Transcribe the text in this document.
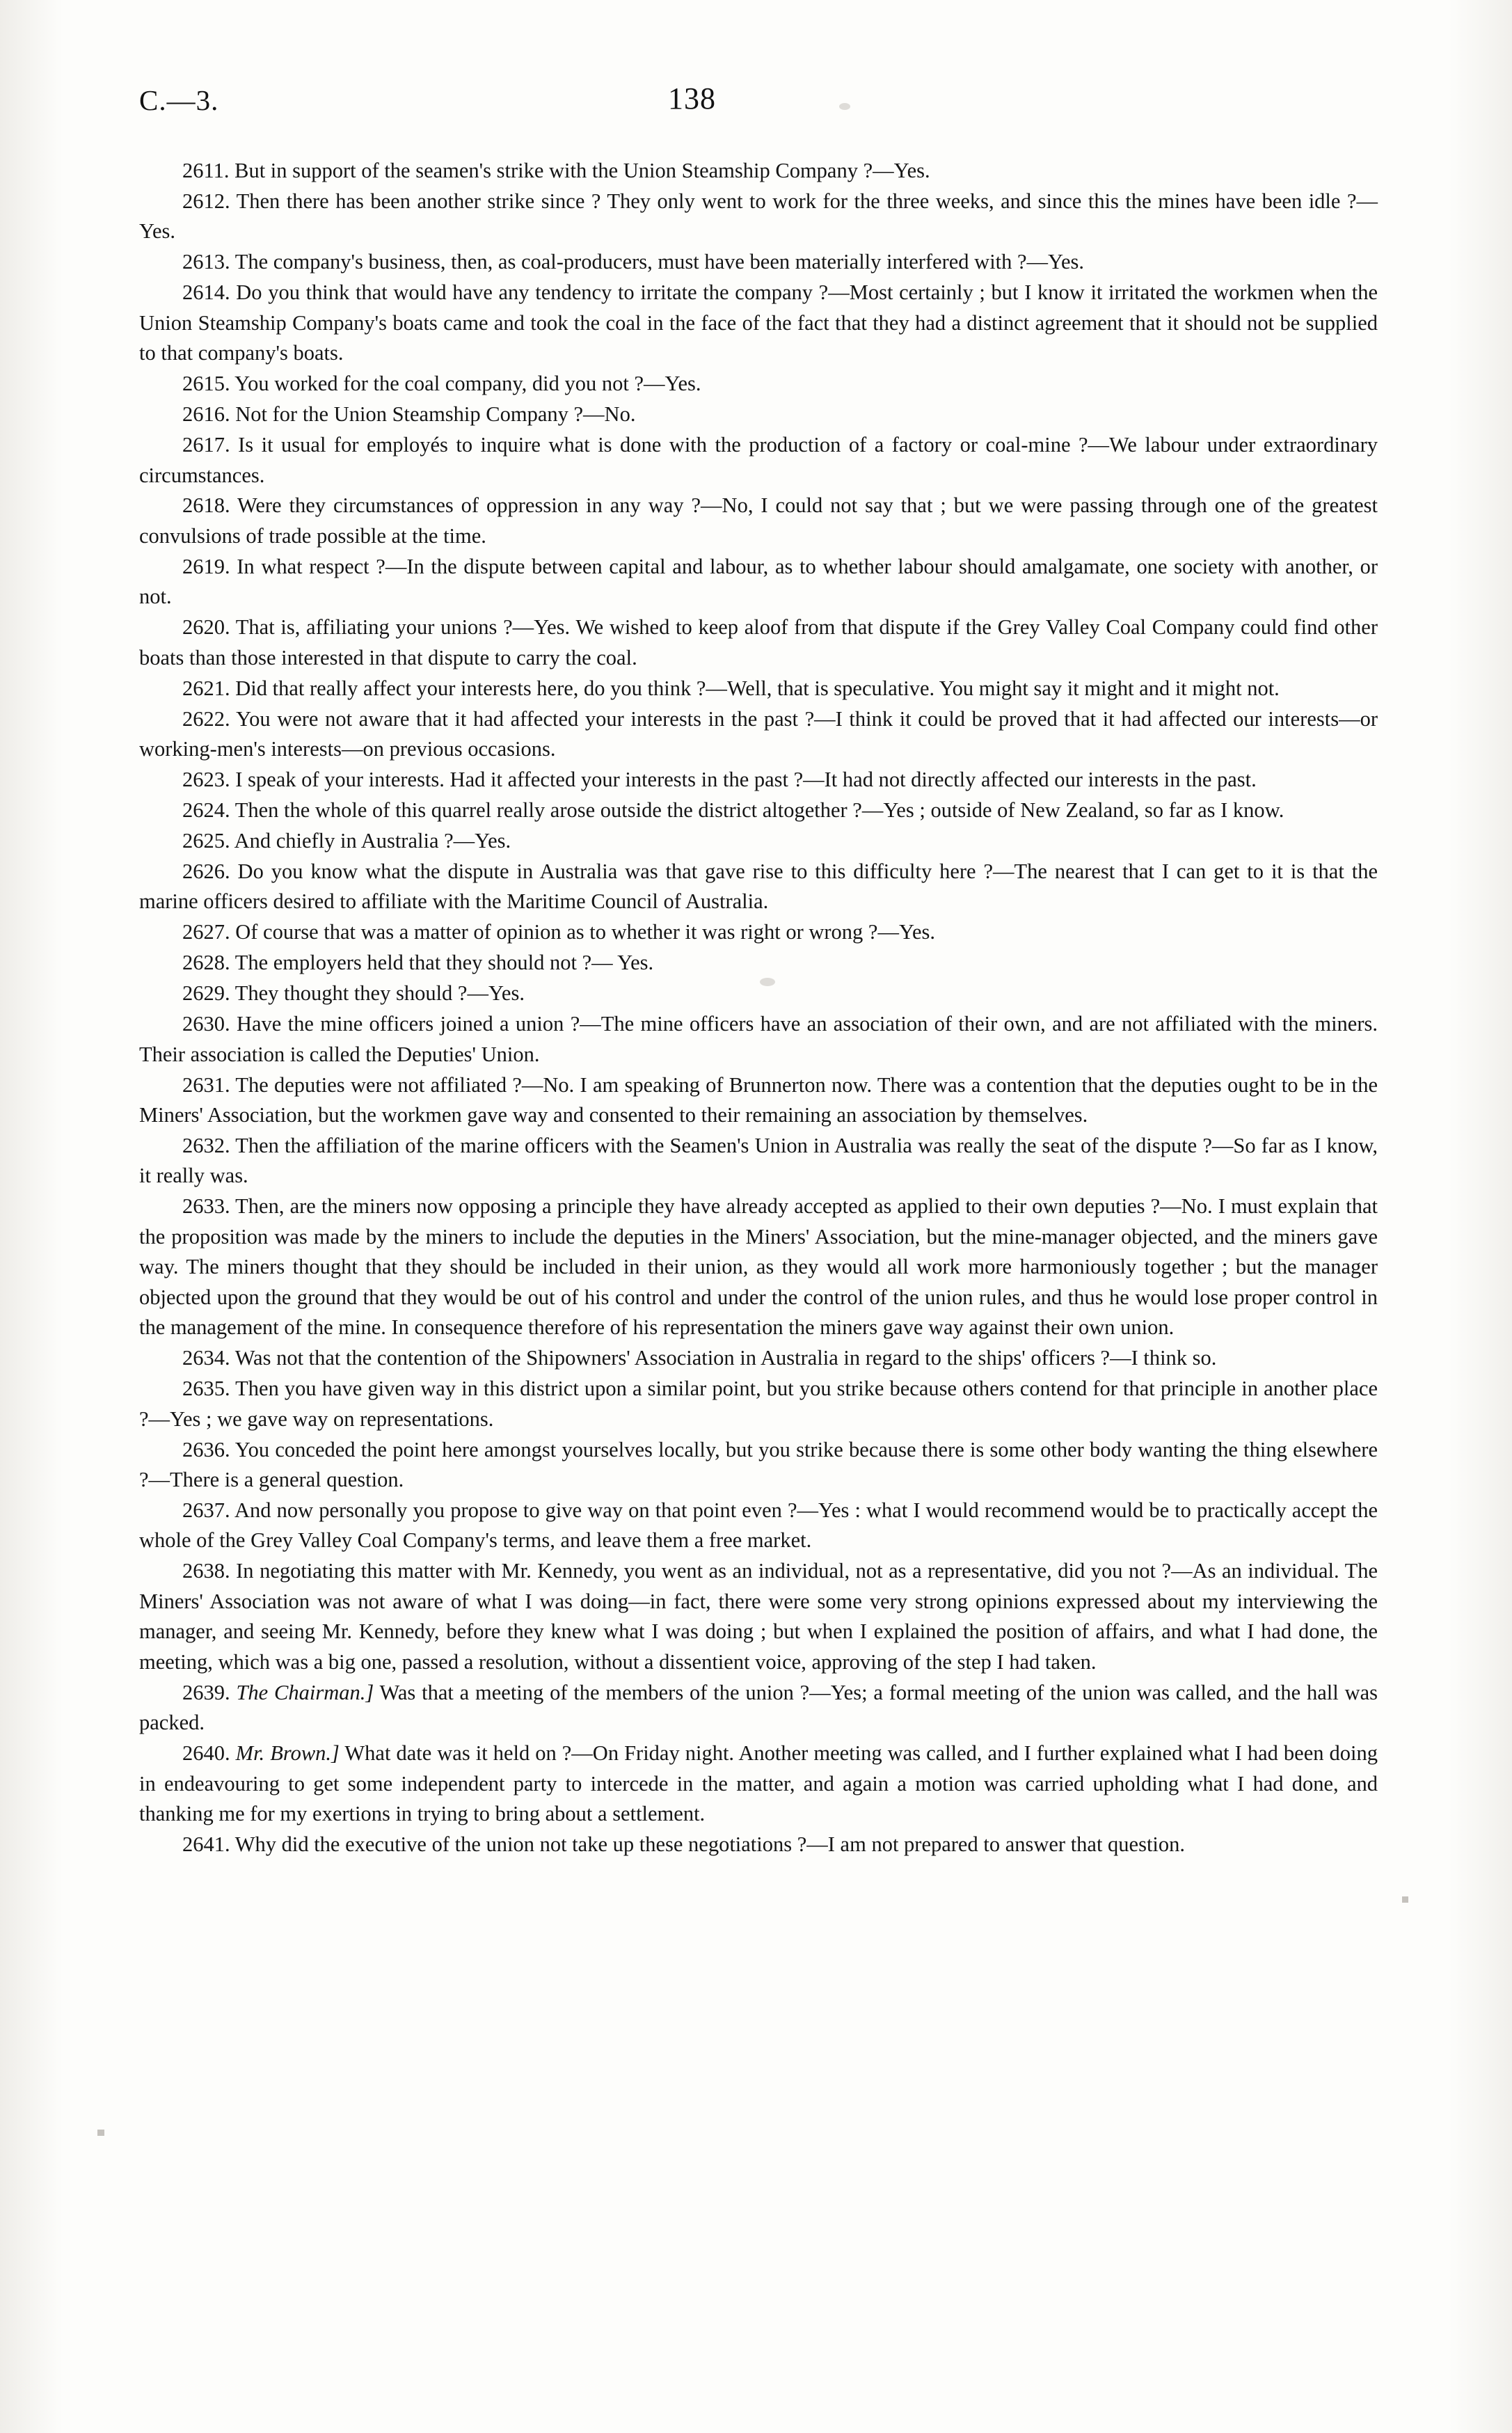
C.—3.	138

2611. But in support of the seamen's strike with the Union Steamship Company ?—Yes.

2612. Then there has been another strike since ? They only went to work for the three weeks, and since this the mines have been idle ?—Yes.

2613. The company's business, then, as coal-producers, must have been materially interfered with ?—Yes.

2614. Do you think that would have any tendency to irritate the company ?—Most certainly ; but I know it irritated the workmen when the Union Steamship Company's boats came and took the coal in the face of the fact that they had a distinct agreement that it should not be supplied to that company's boats.

2615. You worked for the coal company, did you not ?—Yes.

2616. Not for the Union Steamship Company ?—No.

2617. Is it usual for employés to inquire what is done with the production of a factory or coal-mine ?—We labour under extraordinary circumstances.

2618. Were they circumstances of oppression in any way ?—No, I could not say that ; but we were passing through one of the greatest convulsions of trade possible at the time.

2619. In what respect ?—In the dispute between capital and labour, as to whether labour should amalgamate, one society with another, or not.

2620. That is, affiliating your unions ?—Yes. We wished to keep aloof from that dispute if the Grey Valley Coal Company could find other boats than those interested in that dispute to carry the coal.

2621. Did that really affect your interests here, do you think ?—Well, that is speculative. You might say it might and it might not.

2622. You were not aware that it had affected your interests in the past ?—I think it could be proved that it had affected our interests—or working-men's interests—on previous occasions.

2623. I speak of your interests. Had it affected your interests in the past ?—It had not directly affected our interests in the past.

2624. Then the whole of this quarrel really arose outside the district altogether ?—Yes ; outside of New Zealand, so far as I know.

2625. And chiefly in Australia ?—Yes.

2626. Do you know what the dispute in Australia was that gave rise to this difficulty here ?—The nearest that I can get to it is that the marine officers desired to affiliate with the Maritime Council of Australia.

2627. Of course that was a matter of opinion as to whether it was right or wrong ?—Yes.

2628. The employers held that they should not ?— Yes.

2629. They thought they should ?—Yes.

2630. Have the mine officers joined a union ?—The mine officers have an association of their own, and are not affiliated with the miners. Their association is called the Deputies' Union.

2631. The deputies were not affiliated ?—No. I am speaking of Brunnerton now. There was a contention that the deputies ought to be in the Miners' Association, but the workmen gave way and consented to their remaining an association by themselves.

2632. Then the affiliation of the marine officers with the Seamen's Union in Australia was really the seat of the dispute ?—So far as I know, it really was.

2633. Then, are the miners now opposing a principle they have already accepted as applied to their own deputies ?—No. I must explain that the proposition was made by the miners to include the deputies in the Miners' Association, but the mine-manager objected, and the miners gave way. The miners thought that they should be included in their union, as they would all work more harmoniously together ; but the manager objected upon the ground that they would be out of his control and under the control of the union rules, and thus he would lose proper control in the management of the mine. In consequence therefore of his representation the miners gave way against their own union.

2634. Was not that the contention of the Shipowners' Association in Australia in regard to the ships' officers ?—I think so.

2635. Then you have given way in this district upon a similar point, but you strike because others contend for that principle in another place ?—Yes ; we gave way on representations.

2636. You conceded the point here amongst yourselves locally, but you strike because there is some other body wanting the thing elsewhere ?—There is a general question.

2637. And now personally you propose to give way on that point even ?—Yes : what I would recommend would be to practically accept the whole of the Grey Valley Coal Company's terms, and leave them a free market.

2638. In negotiating this matter with Mr. Kennedy, you went as an individual, not as a representative, did you not ?—As an individual. The Miners' Association was not aware of what I was doing—in fact, there were some very strong opinions expressed about my interviewing the manager, and seeing Mr. Kennedy, before they knew what I was doing ; but when I explained the position of affairs, and what I had done, the meeting, which was a big one, passed a resolution, without a dissentient voice, approving of the step I had taken.

2639. The Chairman.] Was that a meeting of the members of the union ?—Yes; a formal meeting of the union was called, and the hall was packed.

2640. Mr. Brown.] What date was it held on ?—On Friday night. Another meeting was called, and I further explained what I had been doing in endeavouring to get some independent party to intercede in the matter, and again a motion was carried upholding what I had done, and thanking me for my exertions in trying to bring about a settlement.

2641. Why did the executive of the union not take up these negotiations ?—I am not prepared to answer that question.
